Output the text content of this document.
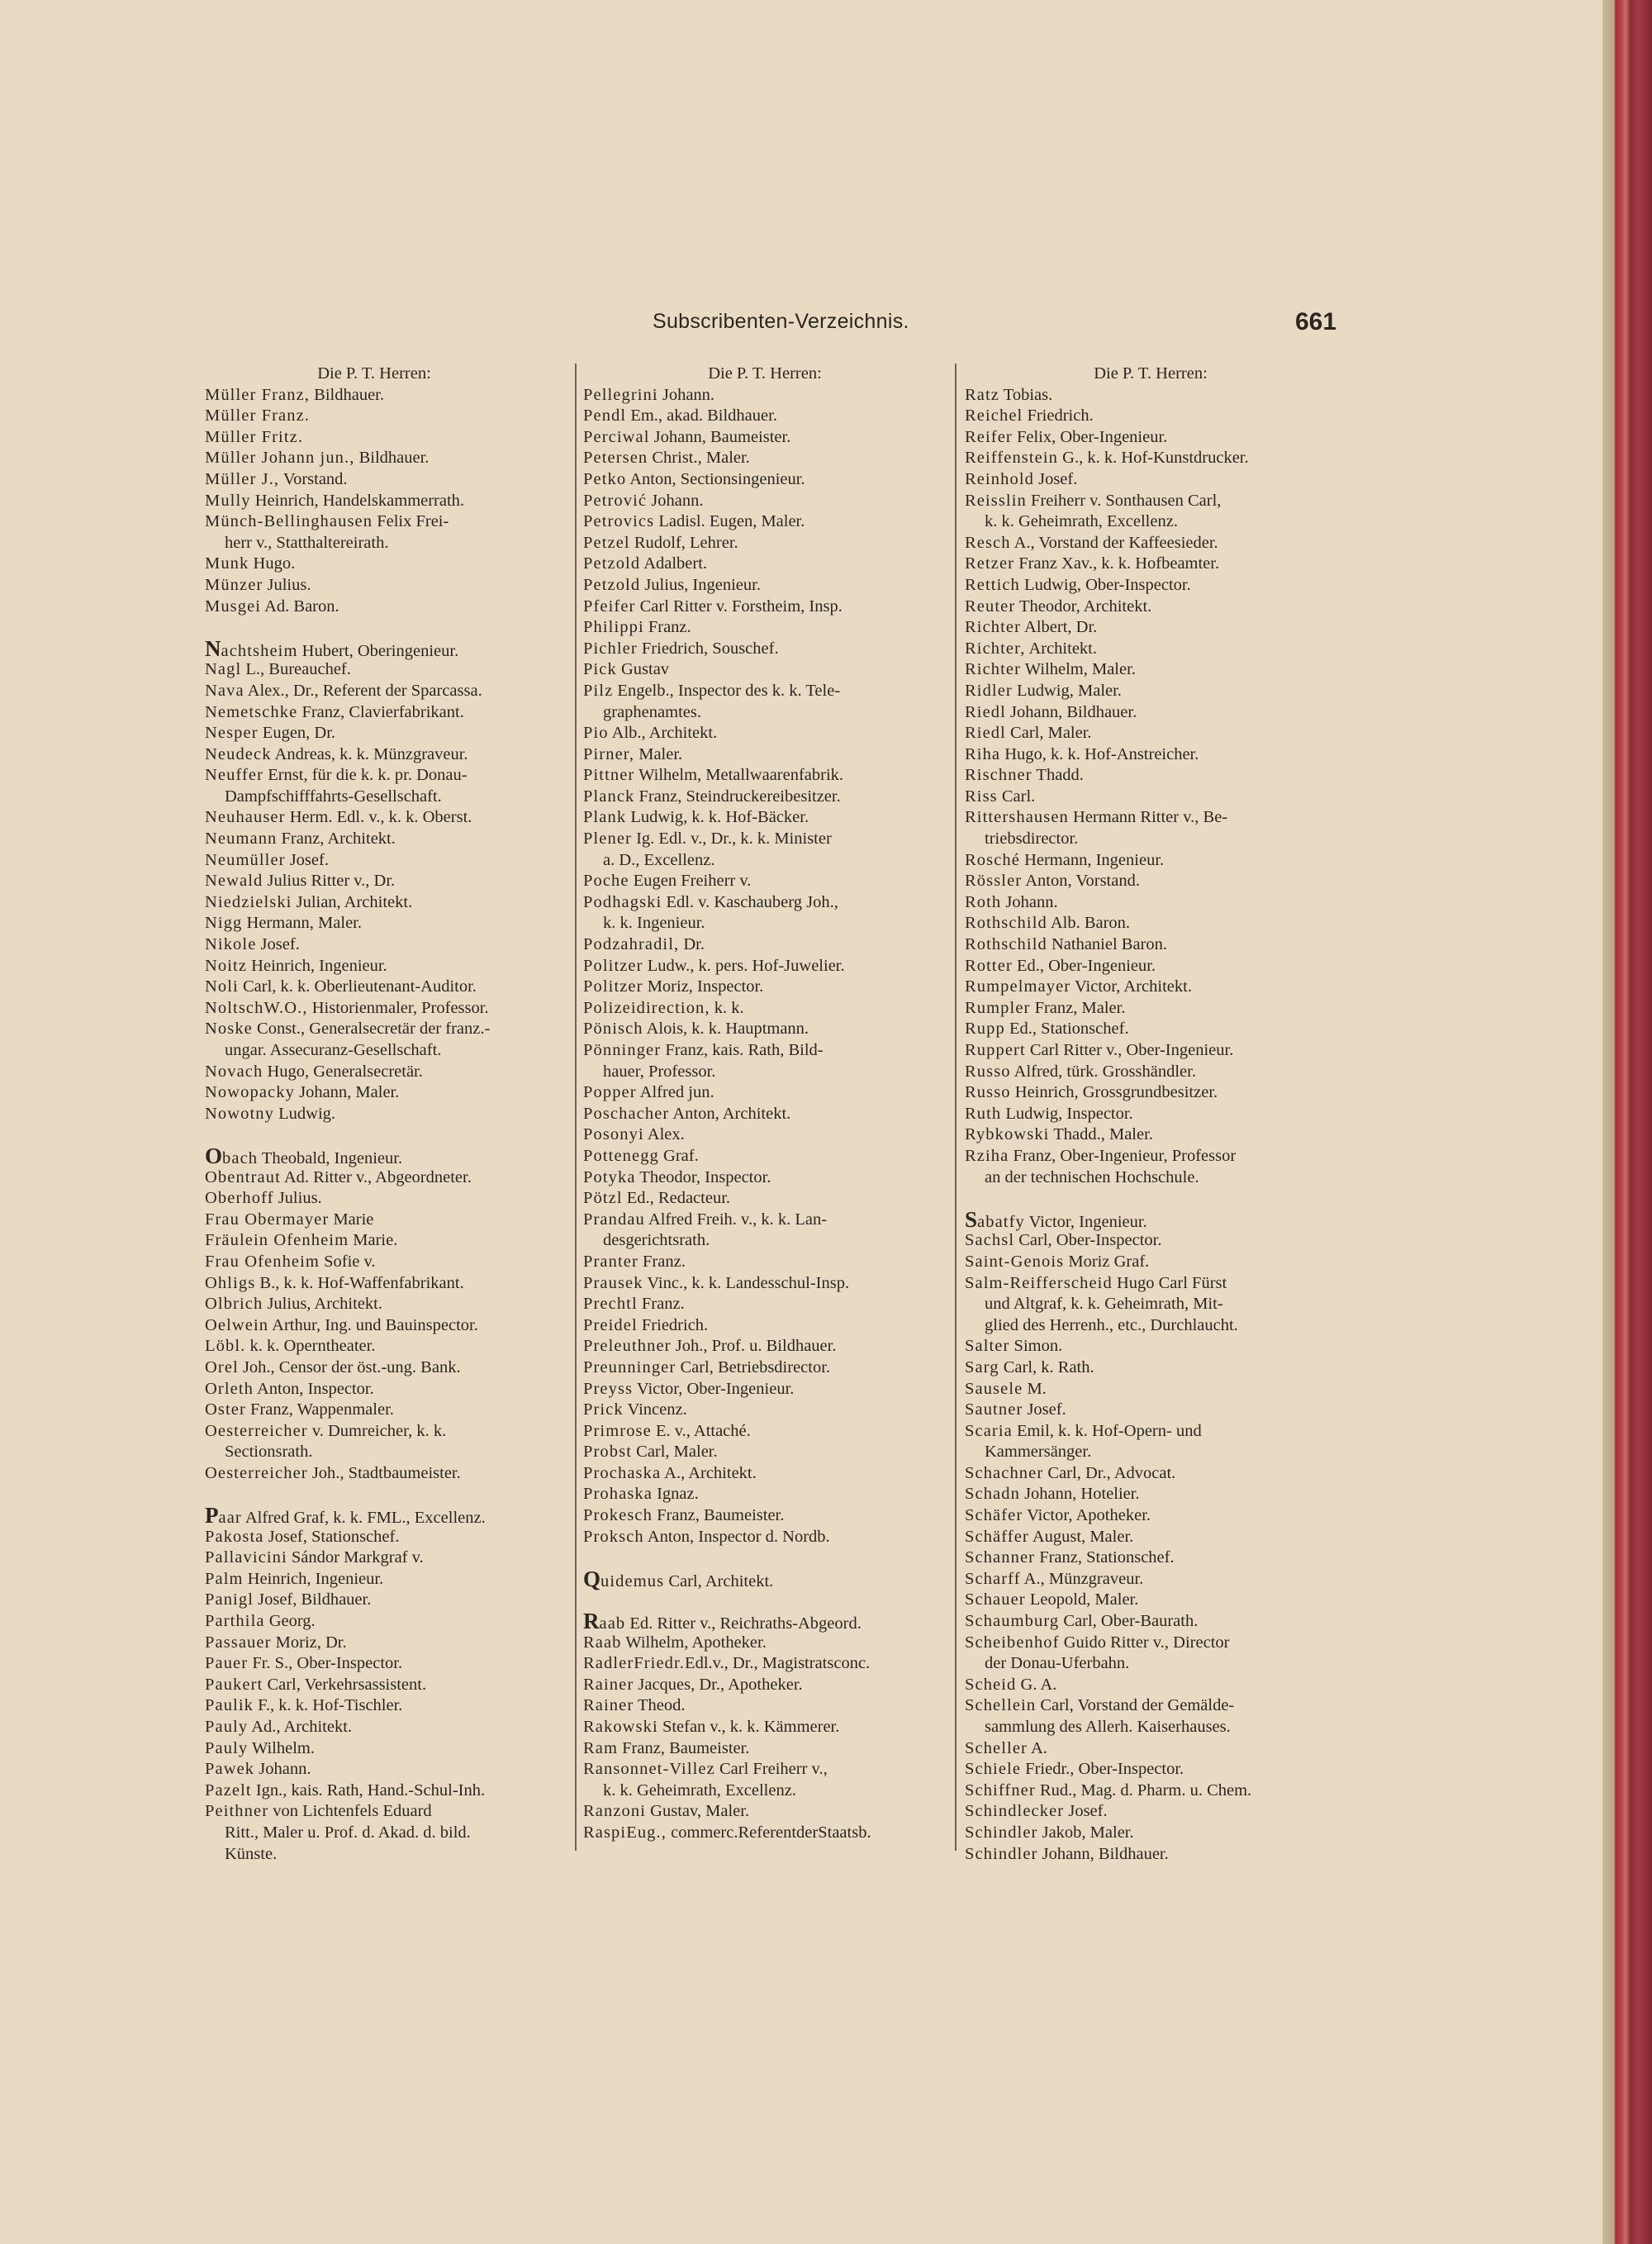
Subscribenten-Verzeichnis.	661
Die P. T. Herren:
Müller Franz, Bildhauer.
Müller Franz.
Müller Fritz.
Müller Johann jun., Bildhauer.
Müller J., Vorstand.
Mully Heinrich, Handelskammerrath.
Münch-Bellinghausen Felix Frei-
herr v., Statthaltereirath.
Munk Hugo.
Münzer Julius.
Musgei Ad. Baron.
Nachtsheim Hubert, Oberingenieur.
Nagl L., Bureauchef.
Nava Alex., Dr., Referent der Sparcassa.
Nemetschke Franz, Clavierfabrikant.
Nesper Eugen, Dr.
Neudeck Andreas, k. k. Münzgraveur.
Neuffer Ernst, für die k. k. pr. Donau-
Dampfschifffahrts-Gesellschaft.
Neuhauser Herm. Edl. v., k. k. Oberst.
Neumann Franz, Architekt.
Neumüller Josef.
Newald Julius Ritter v., Dr.
Niedzielski Julian, Architekt.
Nigg Hermann, Maler.
Nikole Josef.
Noitz Heinrich, Ingenieur.
Noli Carl, k. k. Oberlieutenant-Auditor.
NoltschW.O., Historienmaler, Professor.
Noske Const., Generalsecretär der franz.-
ungar. Assecuranz-Gesellschaft.
Novach Hugo, Generalsecretär.
Nowopacky Johann, Maler.
Nowotny Ludwig.
Obach Theobald, Ingenieur.
Obentraut Ad. Ritter v., Abgeordneter.
Oberhoff Julius.
Frau Obermayer Marie
Fräulein Ofenheim Marie.
Frau Ofenheim Sofie v.
Ohligs B., k. k. Hof-Waffenfabrikant.
Olbrich Julius, Architekt.
Oelwein Arthur, Ing. und Bauinspector.
Löbl. k. k. Operntheater.
Orel Joh., Censor der öst.-ung. Bank.
Orleth Anton, Inspector.
Oster Franz, Wappenmaler.
Oesterreicher v. Dumreicher, k. k.
Sectionsrath.
Oesterreicher Joh., Stadtbaumeister.
Paar Alfred Graf, k. k. FML., Excellenz.
Pakosta Josef, Stationschef.
Pallavicini Sándor Markgraf v.
Palm Heinrich, Ingenieur.
Panigl Josef, Bildhauer.
Parthila Georg.
Passauer Moriz, Dr.
Pauer Fr. S., Ober-Inspector.
Paukert Carl, Verkehrsassistent.
Paulik F., k. k. Hof-Tischler.
Pauly Ad., Architekt.
Pauly Wilhelm.
Pawek Johann.
Pazelt Ign., kais. Rath, Hand.-Schul-Inh.
Peithner von Lichtenfels Eduard
Ritt., Maler u. Prof. d. Akad. d. bild.
Künste.
Die P. T. Herren:
Pellegrini Johann.
Pendl Em., akad. Bildhauer.
Perciwal Johann, Baumeister.
Petersen Christ., Maler.
Petko Anton, Sectionsingenieur.
Petrović Johann.
Petrovics Ladisl. Eugen, Maler.
Petzel Rudolf, Lehrer.
Petzold Adalbert.
Petzold Julius, Ingenieur.
Pfeifer Carl Ritter v. Forstheim, Insp.
Philippi Franz.
Pichler Friedrich, Souschef.
Pick Gustav
Pilz Engelb., Inspector des k. k. Tele-
graphenamtes.
Pio Alb., Architekt.
Pirner, Maler.
Pittner Wilhelm, Metallwaarenfabrik.
Planck Franz, Steindruckereibesitzer.
Plank Ludwig, k. k. Hof-Bäcker.
Plener Ig. Edl. v., Dr., k. k. Minister
a. D., Excellenz.
Poche Eugen Freiherr v.
Podhagski Edl. v. Kaschauberg Joh.,
k. k. Ingenieur.
Podzahradil, Dr.
Politzer Ludw., k. pers. Hof-Juwelier.
Politzer Moriz, Inspector.
Polizeidirection, k. k.
Pönisch Alois, k. k. Hauptmann.
Pönninger Franz, kais. Rath, Bild-
hauer, Professor.
Popper Alfred jun.
Poschacher Anton, Architekt.
Posonyi Alex.
Pottenegg Graf.
Potyka Theodor, Inspector.
Pötzl Ed., Redacteur.
Prandau Alfred Freih. v., k. k. Lan-
desgerichtsrath.
Pranter Franz.
Prausek Vinc., k. k. Landesschul-Insp.
Prechtl Franz.
Preidel Friedrich.
Preleuthner Joh., Prof. u. Bildhauer.
Preunninger Carl, Betriebsdirector.
Preyss Victor, Ober-Ingenieur.
Prick Vincenz.
Primrose E. v., Attaché.
Probst Carl, Maler.
Prochaska A., Architekt.
Prohaska Ignaz.
Prokesch Franz, Baumeister.
Proksch Anton, Inspector d. Nordb.
Quidemus Carl, Architekt.
Raab Ed. Ritter v., Reichraths-Abgeord.
Raab Wilhelm, Apotheker.
RadlerFriedr.Edl.v., Dr., Magistratsconc.
Rainer Jacques, Dr., Apotheker.
Rainer Theod.
Rakowski Stefan v., k. k. Kämmerer.
Ram Franz, Baumeister.
Ransonnet-Villez Carl Freiherr v.,
k. k. Geheimrath, Excellenz.
Ranzoni Gustav, Maler.
RaspiEug., commerc.ReferentderStaatsb.
Die P. T. Herren:
Ratz Tobias.
Reichel Friedrich.
Reifer Felix, Ober-Ingenieur.
Reiffenstein G., k. k. Hof-Kunstdrucker.
Reinhold Josef.
Reisslin Freiherr v. Sonthausen Carl,
k. k. Geheimrath, Excellenz.
Resch A., Vorstand der Kaffeesieder.
Retzer Franz Xav., k. k. Hofbeamter.
Rettich Ludwig, Ober-Inspector.
Reuter Theodor, Architekt.
Richter Albert, Dr.
Richter, Architekt.
Richter Wilhelm, Maler.
Ridler Ludwig, Maler.
Riedl Johann, Bildhauer.
Riedl Carl, Maler.
Riha Hugo, k. k. Hof-Anstreicher.
Rischner Thadd.
Riss Carl.
Rittershausen Hermann Ritter v., Be-
triebsdirector.
Rosché Hermann, Ingenieur.
Rössler Anton, Vorstand.
Roth Johann.
Rothschild Alb. Baron.
Rothschild Nathaniel Baron.
Rotter Ed., Ober-Ingenieur.
Rumpelmayer Victor, Architekt.
Rumpler Franz, Maler.
Rupp Ed., Stationschef.
Ruppert Carl Ritter v., Ober-Ingenieur.
Russo Alfred, türk. Grosshändler.
Russo Heinrich, Grossgrundbesitzer.
Ruth Ludwig, Inspector.
Rybkowski Thadd., Maler.
Rziha Franz, Ober-Ingenieur, Professor
an der technischen Hochschule.
Sabatfy Victor, Ingenieur.
Sachsl Carl, Ober-Inspector.
Saint-Genois Moriz Graf.
Salm-Reifferscheid Hugo Carl Fürst
und Altgraf, k. k. Geheimrath, Mit-
glied des Herrenh., etc., Durchlaucht.
Salter Simon.
Sarg Carl, k. Rath.
Sausele M.
Sautner Josef.
Scaria Emil, k. k. Hof-Opern- und
Kammersänger.
Schachner Carl, Dr., Advocat.
Schadn Johann, Hotelier.
Schäfer Victor, Apotheker.
Schäffer August, Maler.
Schanner Franz, Stationschef.
Scharff A., Münzgraveur.
Schauer Leopold, Maler.
Schaumburg Carl, Ober-Baurath.
Scheibenhof Guido Ritter v., Director
der Donau-Uferbahn.
Scheid G. A.
Schellein Carl, Vorstand der Gemälde-
sammlung des Allerh. Kaiserhauses.
Scheller A.
Schiele Friedr., Ober-Inspector.
Schiffner Rud., Mag. d. Pharm. u. Chem.
Schindlecker Josef.
Schindler Jakob, Maler.
Schindler Johann, Bildhauer.
